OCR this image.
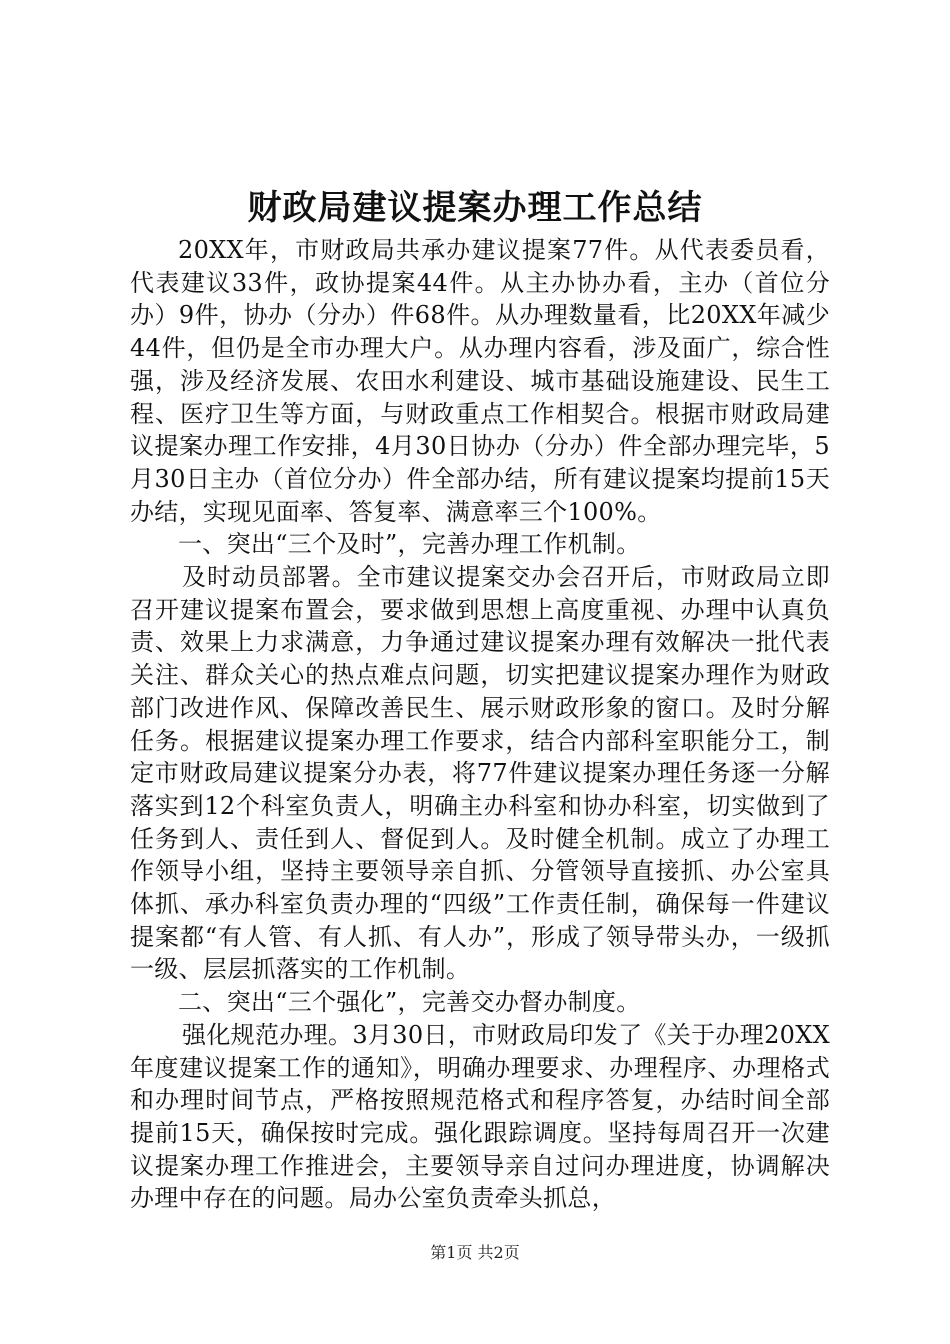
财政局建议提案办理工作总结

20XX年，市财政局共承办建议提案77件。从代表委员看，代表建议33件，政协提案44件。从主办协办看，主办（首位分办）9件，协办（分办）件68件。从办理数量看，比20XX年减少44件，但仍是全市办理大户。从办理内容看，涉及面广，综合性强，涉及经济发展、农田水利建设、城市基础设施建设、民生工程、医疗卫生等方面，与财政重点工作相契合。根据市财政局建议提案办理工作安排，4月30日协办（分办）件全部办理完毕，5月30日主办（首位分办）件全部办结，所有建议提案均提前15天办结，实现见面率、答复率、满意率三个100%。

一、突出“三个及时”，完善办理工作机制。

及时动员部署。全市建议提案交办会召开后，市财政局立即召开建议提案布置会，要求做到思想上高度重视、办理中认真负责、效果上力求满意，力争通过建议提案办理有效解决一批代表关注、群众关心的热点难点问题，切实把建议提案办理作为财政部门改进作风、保障改善民生、展示财政形象的窗口。及时分解任务。根据建议提案办理工作要求，结合内部科室职能分工，制定市财政局建议提案分办表，将77件建议提案办理任务逐一分解落实到12个科室负责人，明确主办科室和协办科室，切实做到了任务到人、责任到人、督促到人。及时健全机制。成立了办理工作领导小组，坚持主要领导亲自抓、分管领导直接抓、办公室具体抓、承办科室负责办理的“四级”工作责任制，确保每一件建议提案都“有人管、有人抓、有人办”，形成了领导带头办，一级抓一级、层层抓落实的工作机制。

二、突出“三个强化”，完善交办督办制度。

强化规范办理。3月30日，市财政局印发了《关于办理20XX年度建议提案工作的通知》，明确办理要求、办理程序、办理格式和办理时间节点，严格按照规范格式和程序答复，办结时间全部提前15天，确保按时完成。强化跟踪调度。坚持每周召开一次建议提案办理工作推进会，主要领导亲自过问办理进度，协调解决办理中存在的问题。局办公室负责牵头抓总，

第1页 共2页
